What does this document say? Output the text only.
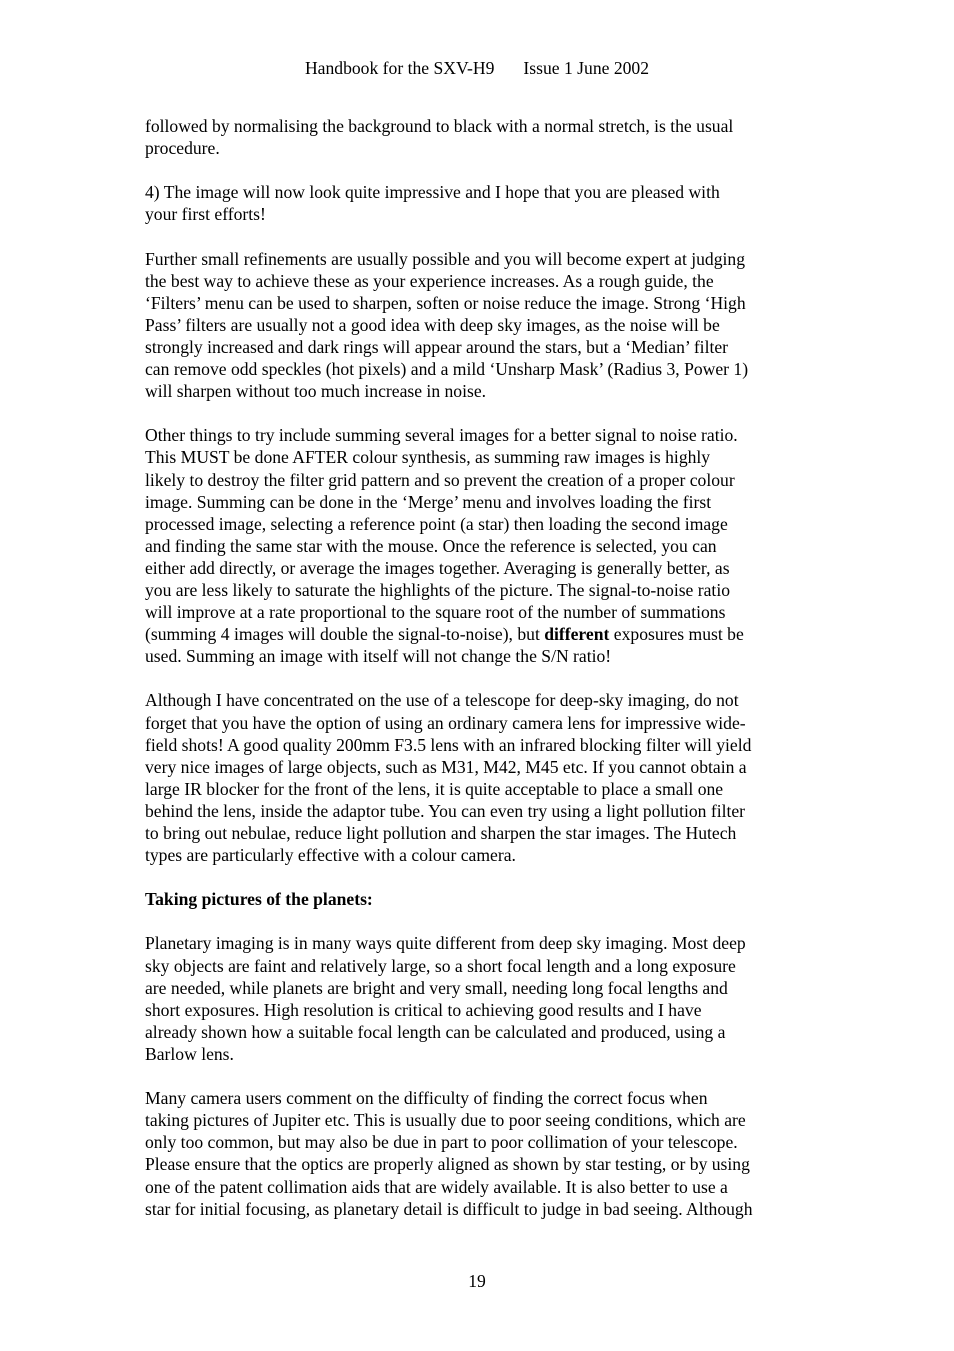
Handbook for the SXV-H9 Issue 1 June 2002
followed by normalising the background to black with a normal stretch, is the usual
procedure.
4) The image will now look quite impressive and I hope that you are pleased with
your first efforts!
Further small refinements are usually possible and you will become expert at judging
the best way to achieve these as your experience increases. As a rough guide, the
‘Filters’ menu can be used to sharpen, soften or noise reduce the image. Strong ‘High
Pass’ filters are usually not a good idea with deep sky images, as the noise will be
strongly increased and dark rings will appear around the stars, but a ‘Median’ filter
can remove odd speckles (hot pixels) and a mild ‘Unsharp Mask’ (Radius 3, Power 1)
will sharpen without too much increase in noise.
Other things to try include summing several images for a better signal to noise ratio.
This MUST be done AFTER colour synthesis, as summing raw images is highly
likely to destroy the filter grid pattern and so prevent the creation of a proper colour
image. Summing can be done in the ‘Merge’ menu and involves loading the first
processed image, selecting a reference point (a star) then loading the second image
and finding the same star with the mouse. Once the reference is selected, you can
either add directly, or average the images together. Averaging is generally better, as
you are less likely to saturate the highlights of the picture. The signal-to-noise ratio
will improve at a rate proportional to the square root of the number of summations
(summing 4 images will double the signal-to-noise), but different exposures must be
used. Summing an image with itself will not change the S/N ratio!
Although I have concentrated on the use of a telescope for deep-sky imaging, do not
forget that you have the option of using an ordinary camera lens for impressive wide-
field shots! A good quality 200mm F3.5 lens with an infrared blocking filter will yield
very nice images of large objects, such as M31, M42, M45 etc. If you cannot obtain a
large IR blocker for the front of the lens, it is quite acceptable to place a small one
behind the lens, inside the adaptor tube. You can even try using a light pollution filter
to bring out nebulae, reduce light pollution and sharpen the star images. The Hutech
types are particularly effective with a colour camera.
Taking pictures of the planets:
Planetary imaging is in many ways quite different from deep sky imaging. Most deep
sky objects are faint and relatively large, so a short focal length and a long exposure
are needed, while planets are bright and very small, needing long focal lengths and
short exposures. High resolution is critical to achieving good results and I have
already shown how a suitable focal length can be calculated and produced, using a
Barlow lens.
Many camera users comment on the difficulty of finding the correct focus when
taking pictures of Jupiter etc. This is usually due to poor seeing conditions, which are
only too common, but may also be due in part to poor collimation of your telescope.
Please ensure that the optics are properly aligned as shown by star testing, or by using
one of the patent collimation aids that are widely available. It is also better to use a
star for initial focusing, as planetary detail is difficult to judge in bad seeing. Although
19
